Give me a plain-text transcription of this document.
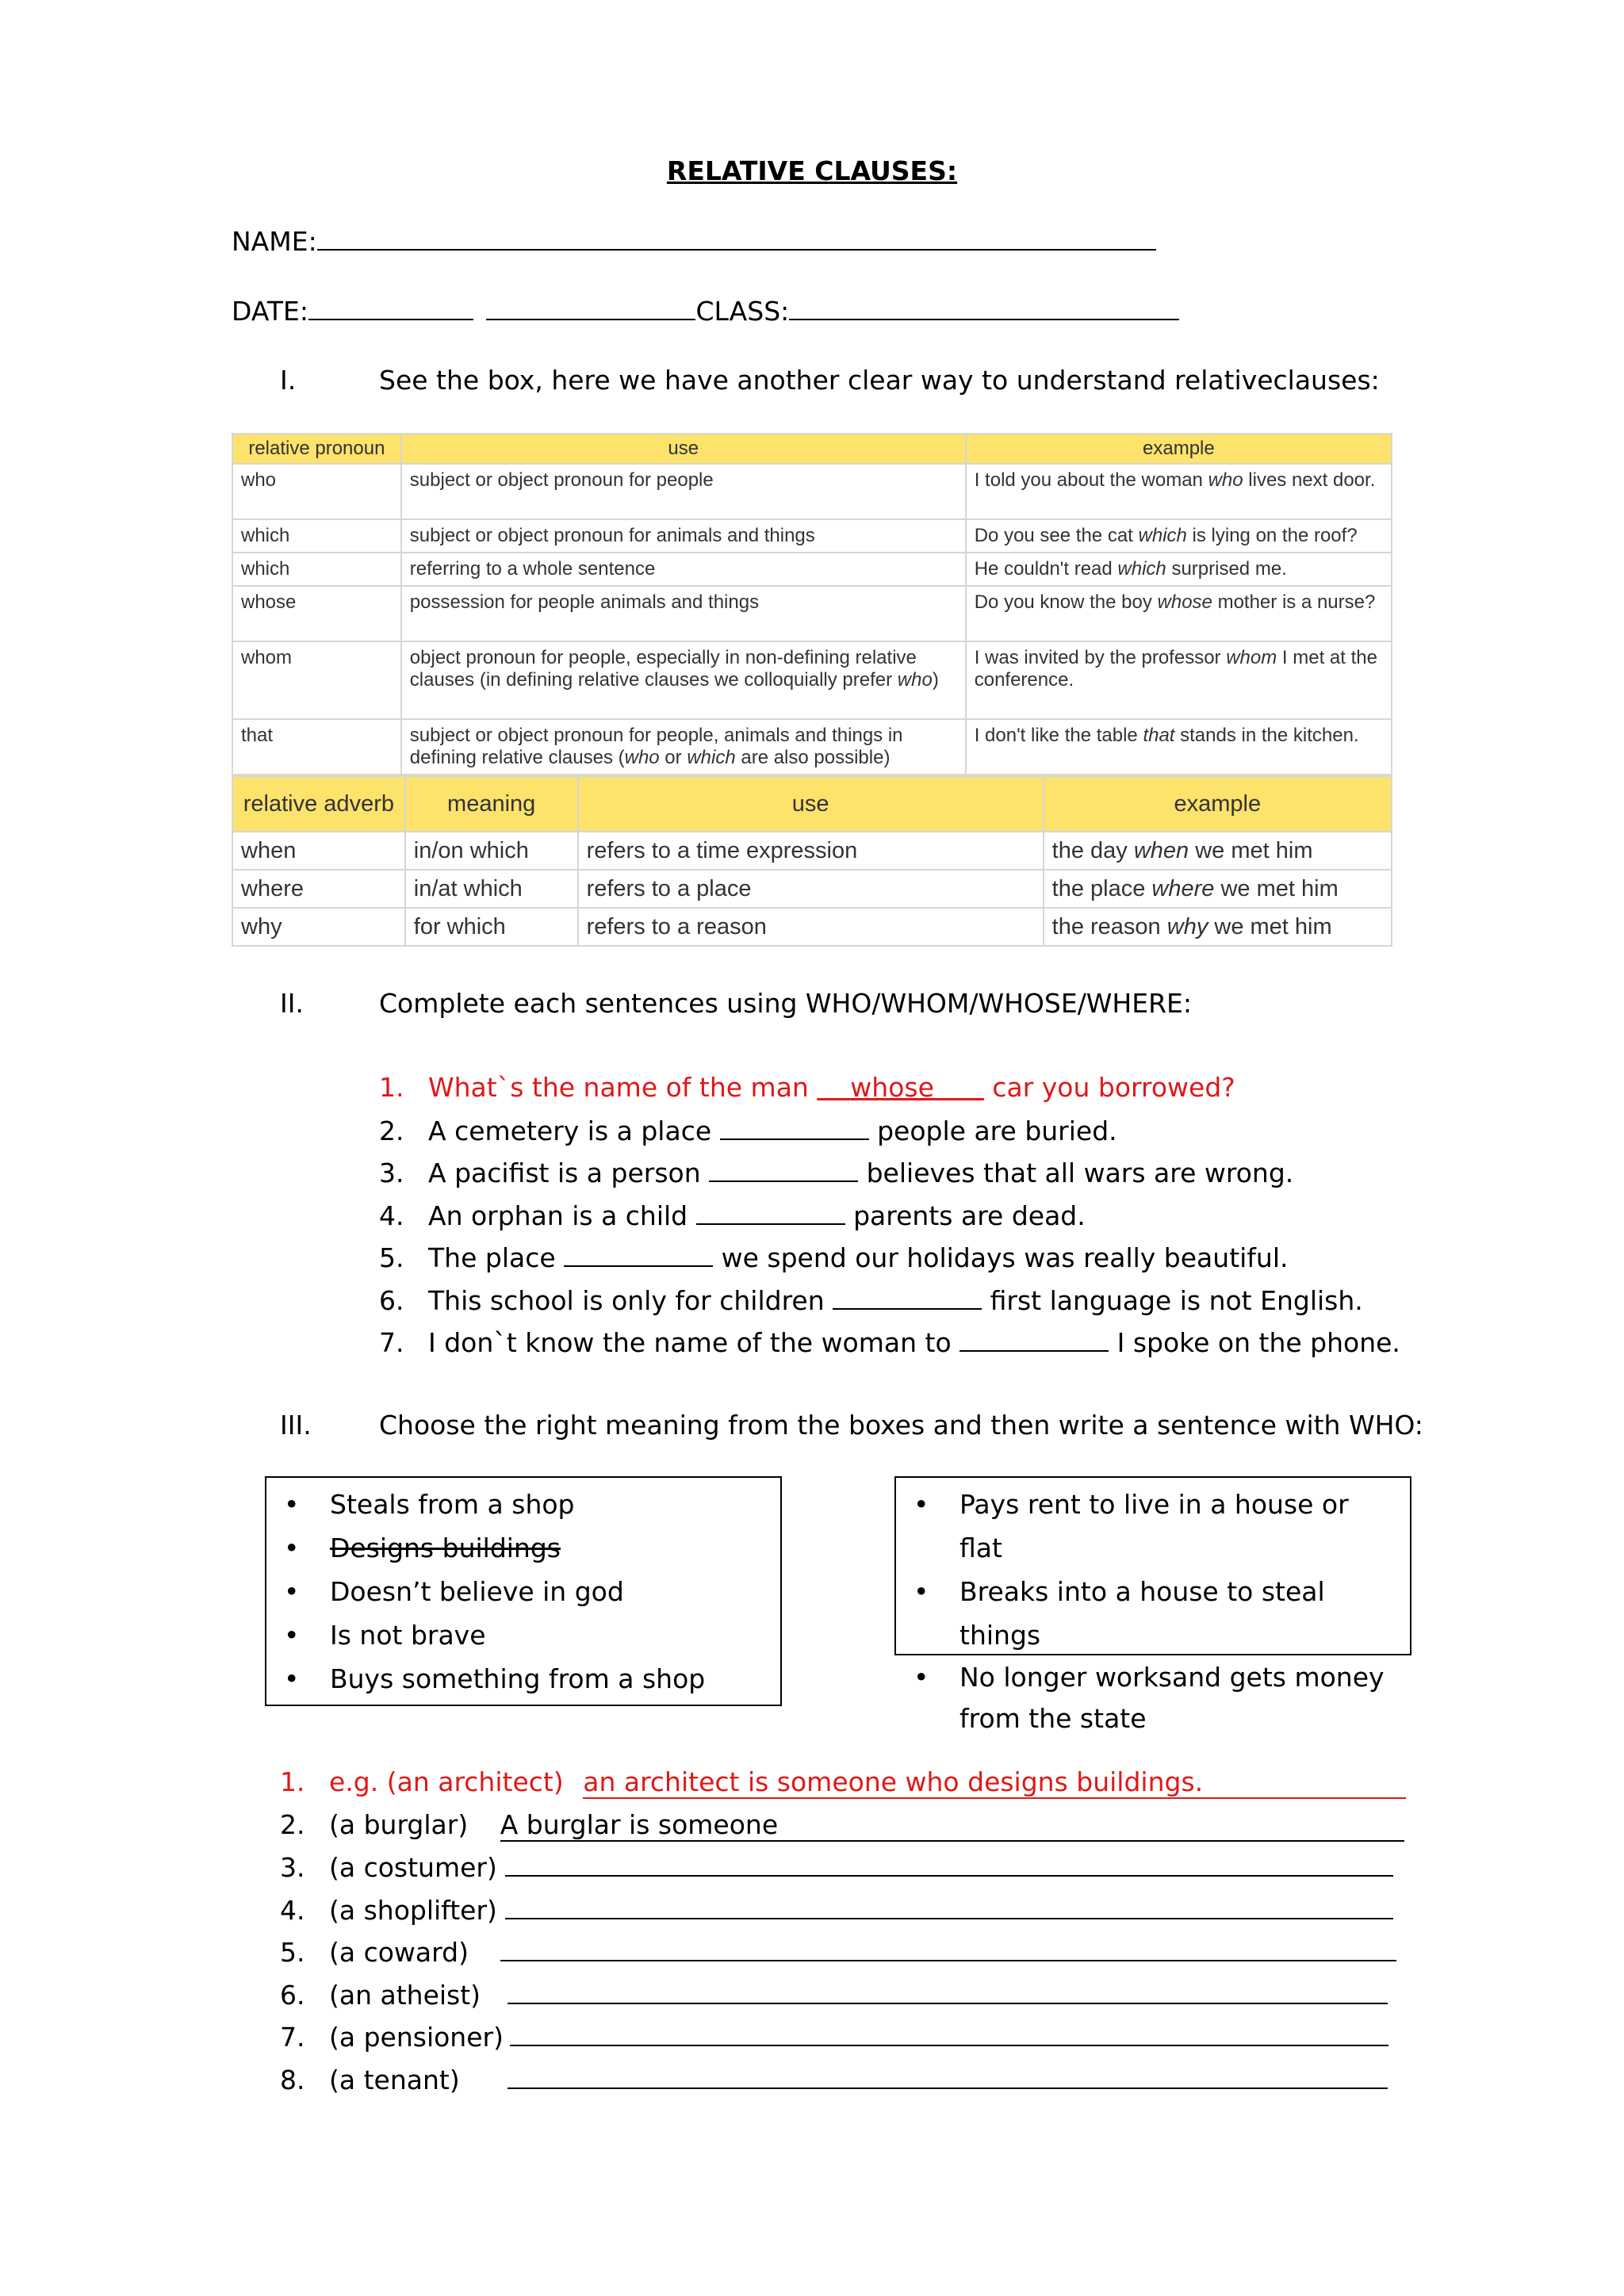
RELATIVE CLAUSES:
NAME:
DATE:	CLASS:
I.	See the box, here we have another clear way to understand relativeclauses:
relative pronoun	use	example
who	subject or object pronoun for people	I told you about the woman who lives next door.
which	subject or object pronoun for animals and things	Do you see the cat which is lying on the roof?
which	referring to a whole sentence	He couldn't read which surprised me.
whose	possession for people animals and things	Do you know the boy whose mother is a nurse?
whom	object pronoun for people, especially in non-defining relative clauses (in defining relative clauses we colloquially prefer who)	I was invited by the professor whom I met at the conference.
that	subject or object pronoun for people, animals and things in defining relative clauses (who or which are also possible)	I don't like the table that stands in the kitchen.
relative adverb	meaning	use	example
when	in/on which	refers to a time expression	the day when we met him
where	in/at which	refers to a place	the place where we met him
why	for which	refers to a reason	the reason why we met him
II.	Complete each sentences using WHO/WHOM/WHOSE/WHERE:
1. What`s the name of the man     whose       car you borrowed?
2. A cemetery is a place	people are buried.
3. A pacifist is a person	believes that all wars are wrong.
4. An orphan is a child	parents are dead.
5. The place	we spend our holidays was really beautiful.
6. This school is only for children	first language is not English.
7. I don`t know the name of the woman to	I spoke on the phone.
III.	Choose the right meaning from the boxes and then write a sentence with WHO:
• Steals from a shop
• Designs buildings
• Doesn’t believe in god
• Is not brave
• Buys something from a shop
• Pays rent to live in a house or flat
• Breaks into a house to steal things
• No longer worksand gets money from the state
1. e.g. (an architect) an architect is someone who designs buildings.
2. (a burglar) A burglar is someone
3. (a costumer)
4. (a shoplifter)
5. (a coward)
6. (an atheist)
7. (a pensioner)
8. (a tenant)
